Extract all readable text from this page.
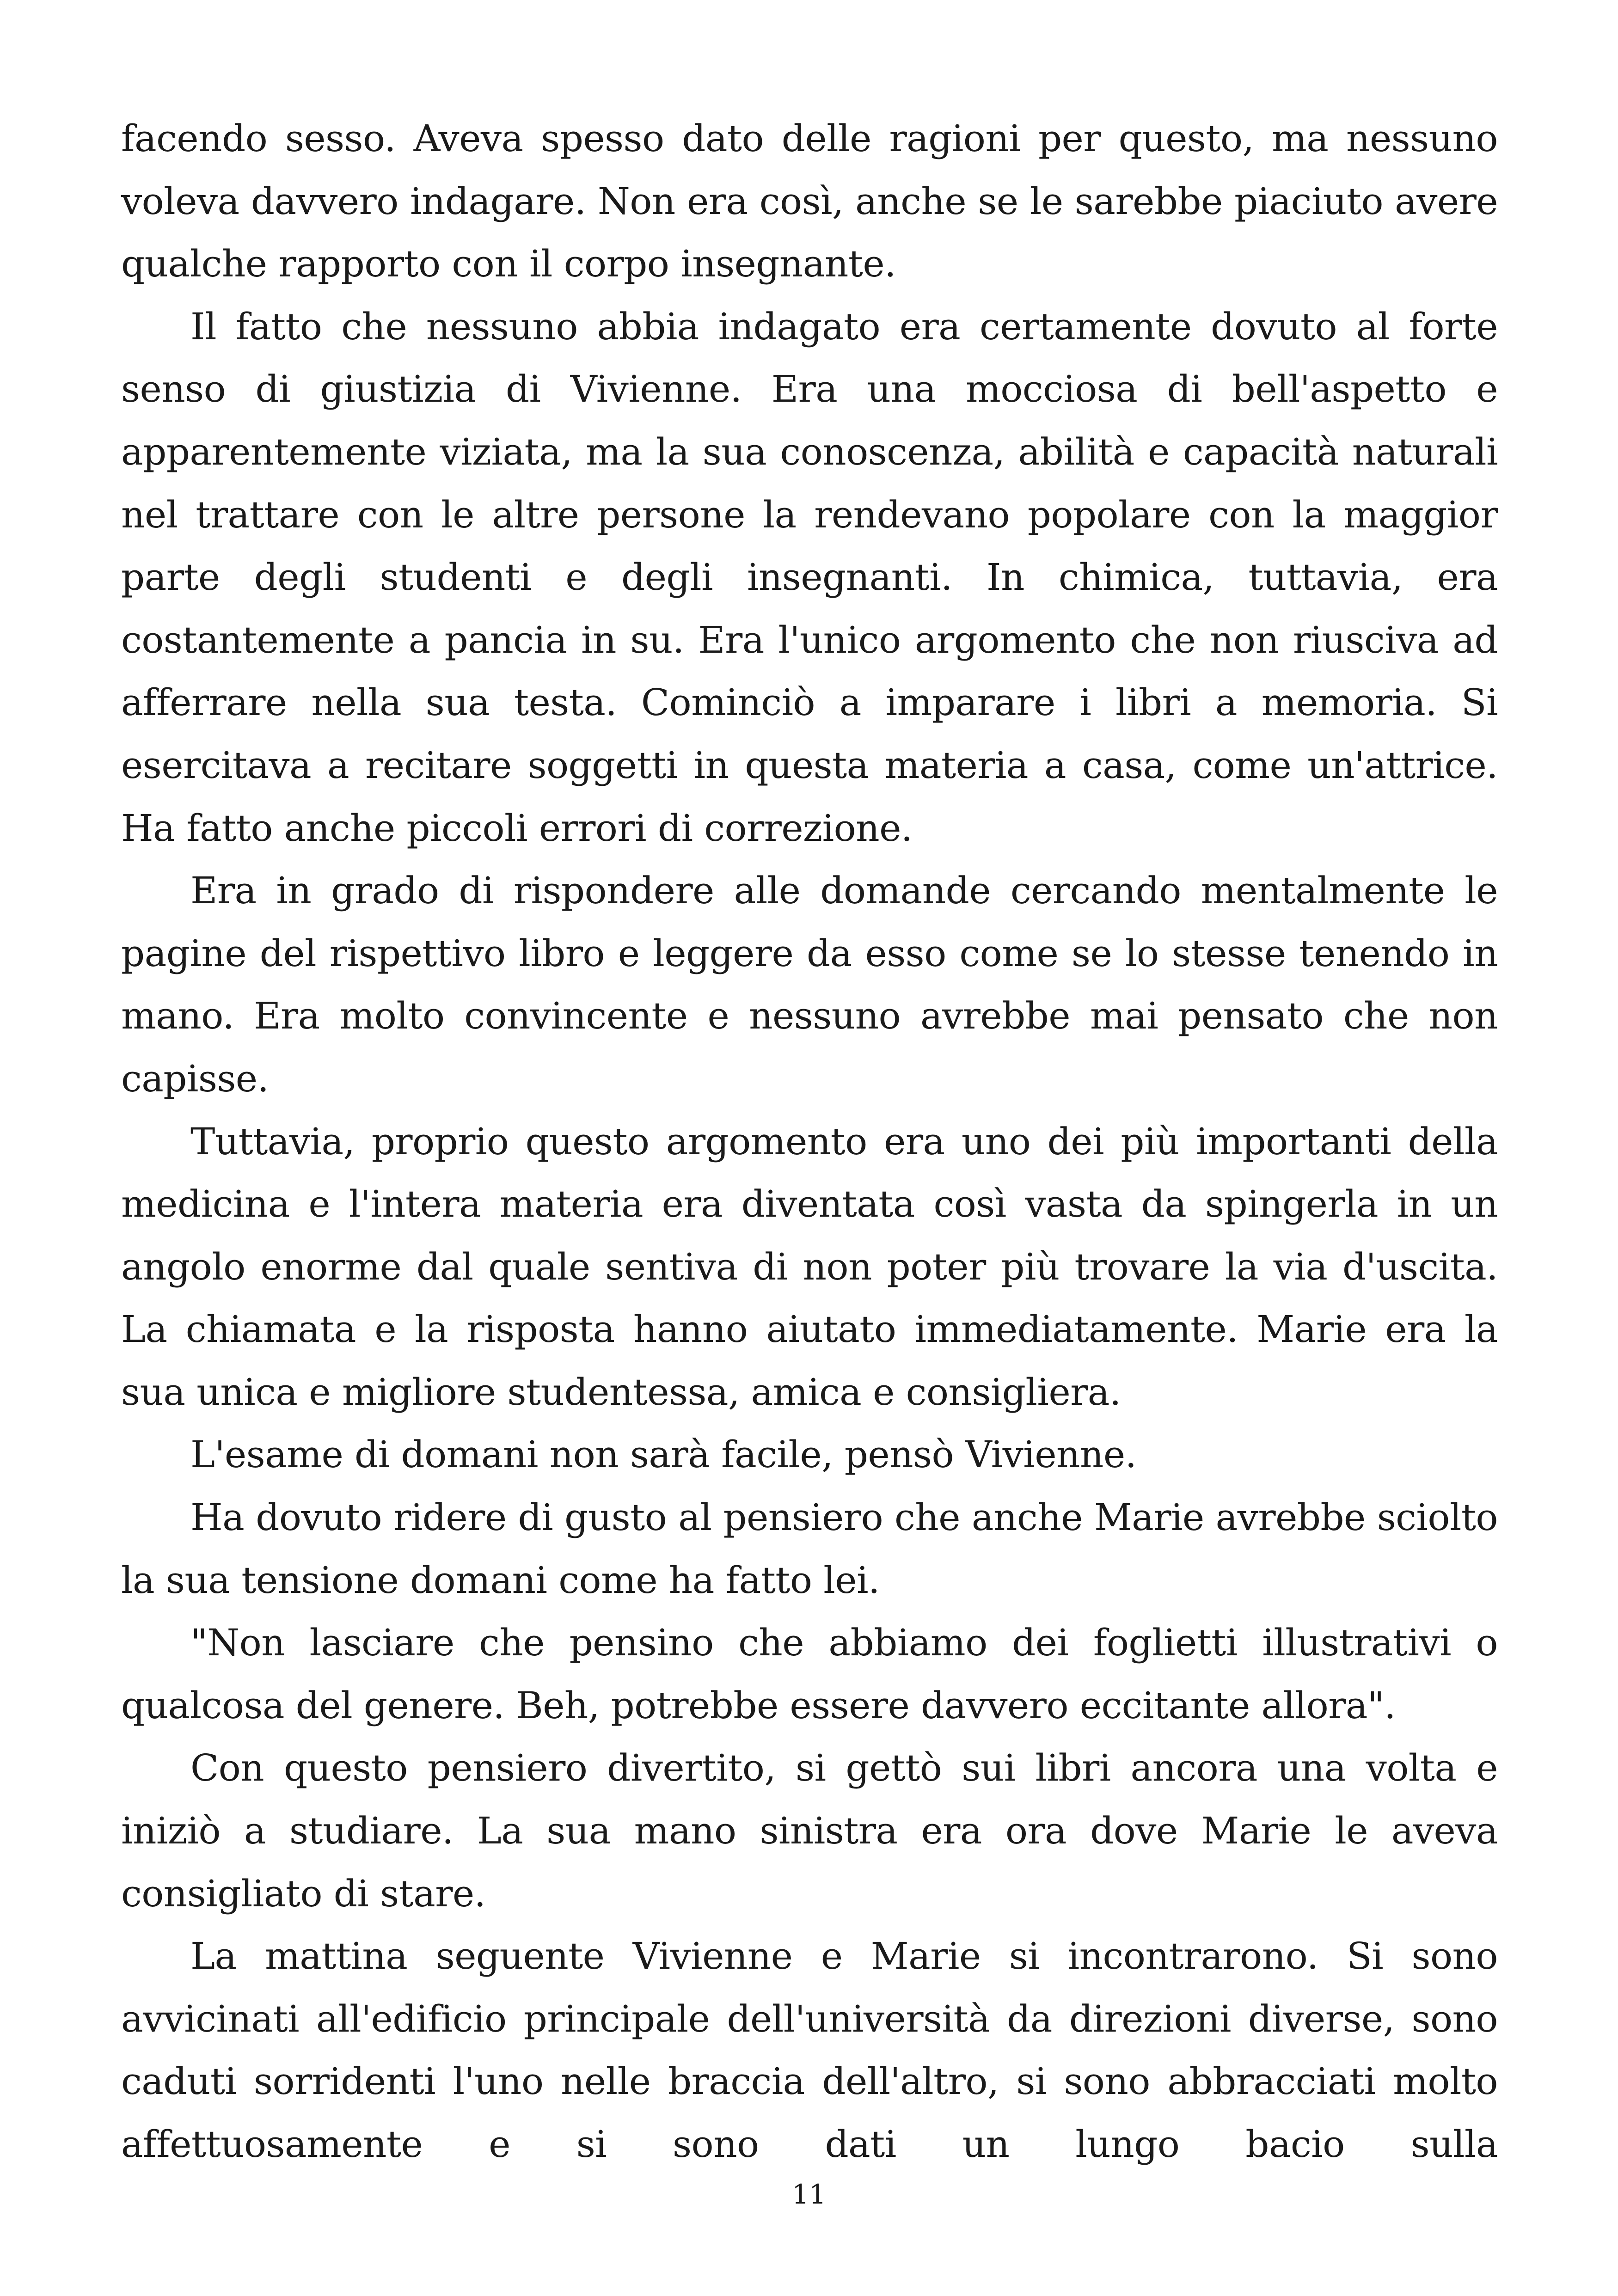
facendo sesso. Aveva spesso dato delle ragioni per questo, ma nessuno voleva davvero indagare. Non era così, anche se le sarebbe piaciuto avere qualche rapporto con il corpo insegnante.

Il fatto che nessuno abbia indagato era certamente dovuto al forte senso di giustizia di Vivienne. Era una mocciosa di bell'aspetto e apparentemente viziata, ma la sua conoscenza, abilità e capacità naturali nel trattare con le altre persone la rendevano popolare con la maggior parte degli studenti e degli insegnanti. In chimica, tuttavia, era costantemente a pancia in su. Era l'unico argomento che non riusciva ad afferrare nella sua testa. Cominciò a imparare i libri a memoria. Si esercitava a recitare soggetti in questa materia a casa, come un'attrice. Ha fatto anche piccoli errori di correzione.

Era in grado di rispondere alle domande cercando mentalmente le pagine del rispettivo libro e leggere da esso come se lo stesse tenendo in mano. Era molto convincente e nessuno avrebbe mai pensato che non capisse.

Tuttavia, proprio questo argomento era uno dei più importanti della medicina e l'intera materia era diventata così vasta da spingerla in un angolo enorme dal quale sentiva di non poter più trovare la via d'uscita. La chiamata e la risposta hanno aiutato immediatamente. Marie era la sua unica e migliore studentessa, amica e consigliera.

L'esame di domani non sarà facile, pensò Vivienne.

Ha dovuto ridere di gusto al pensiero che anche Marie avrebbe sciolto la sua tensione domani come ha fatto lei.

"Non lasciare che pensino che abbiamo dei foglietti illustrativi o qualcosa del genere. Beh, potrebbe essere davvero eccitante allora".

Con questo pensiero divertito, si gettò sui libri ancora una volta e iniziò a studiare. La sua mano sinistra era ora dove Marie le aveva consigliato di stare.

La mattina seguente Vivienne e Marie si incontrarono. Si sono avvicinati all'edificio principale dell'università da direzioni diverse, sono caduti sorridenti l'uno nelle braccia dell'altro, si sono abbracciati molto affettuosamente e si sono dati un lungo bacio sulla

11
